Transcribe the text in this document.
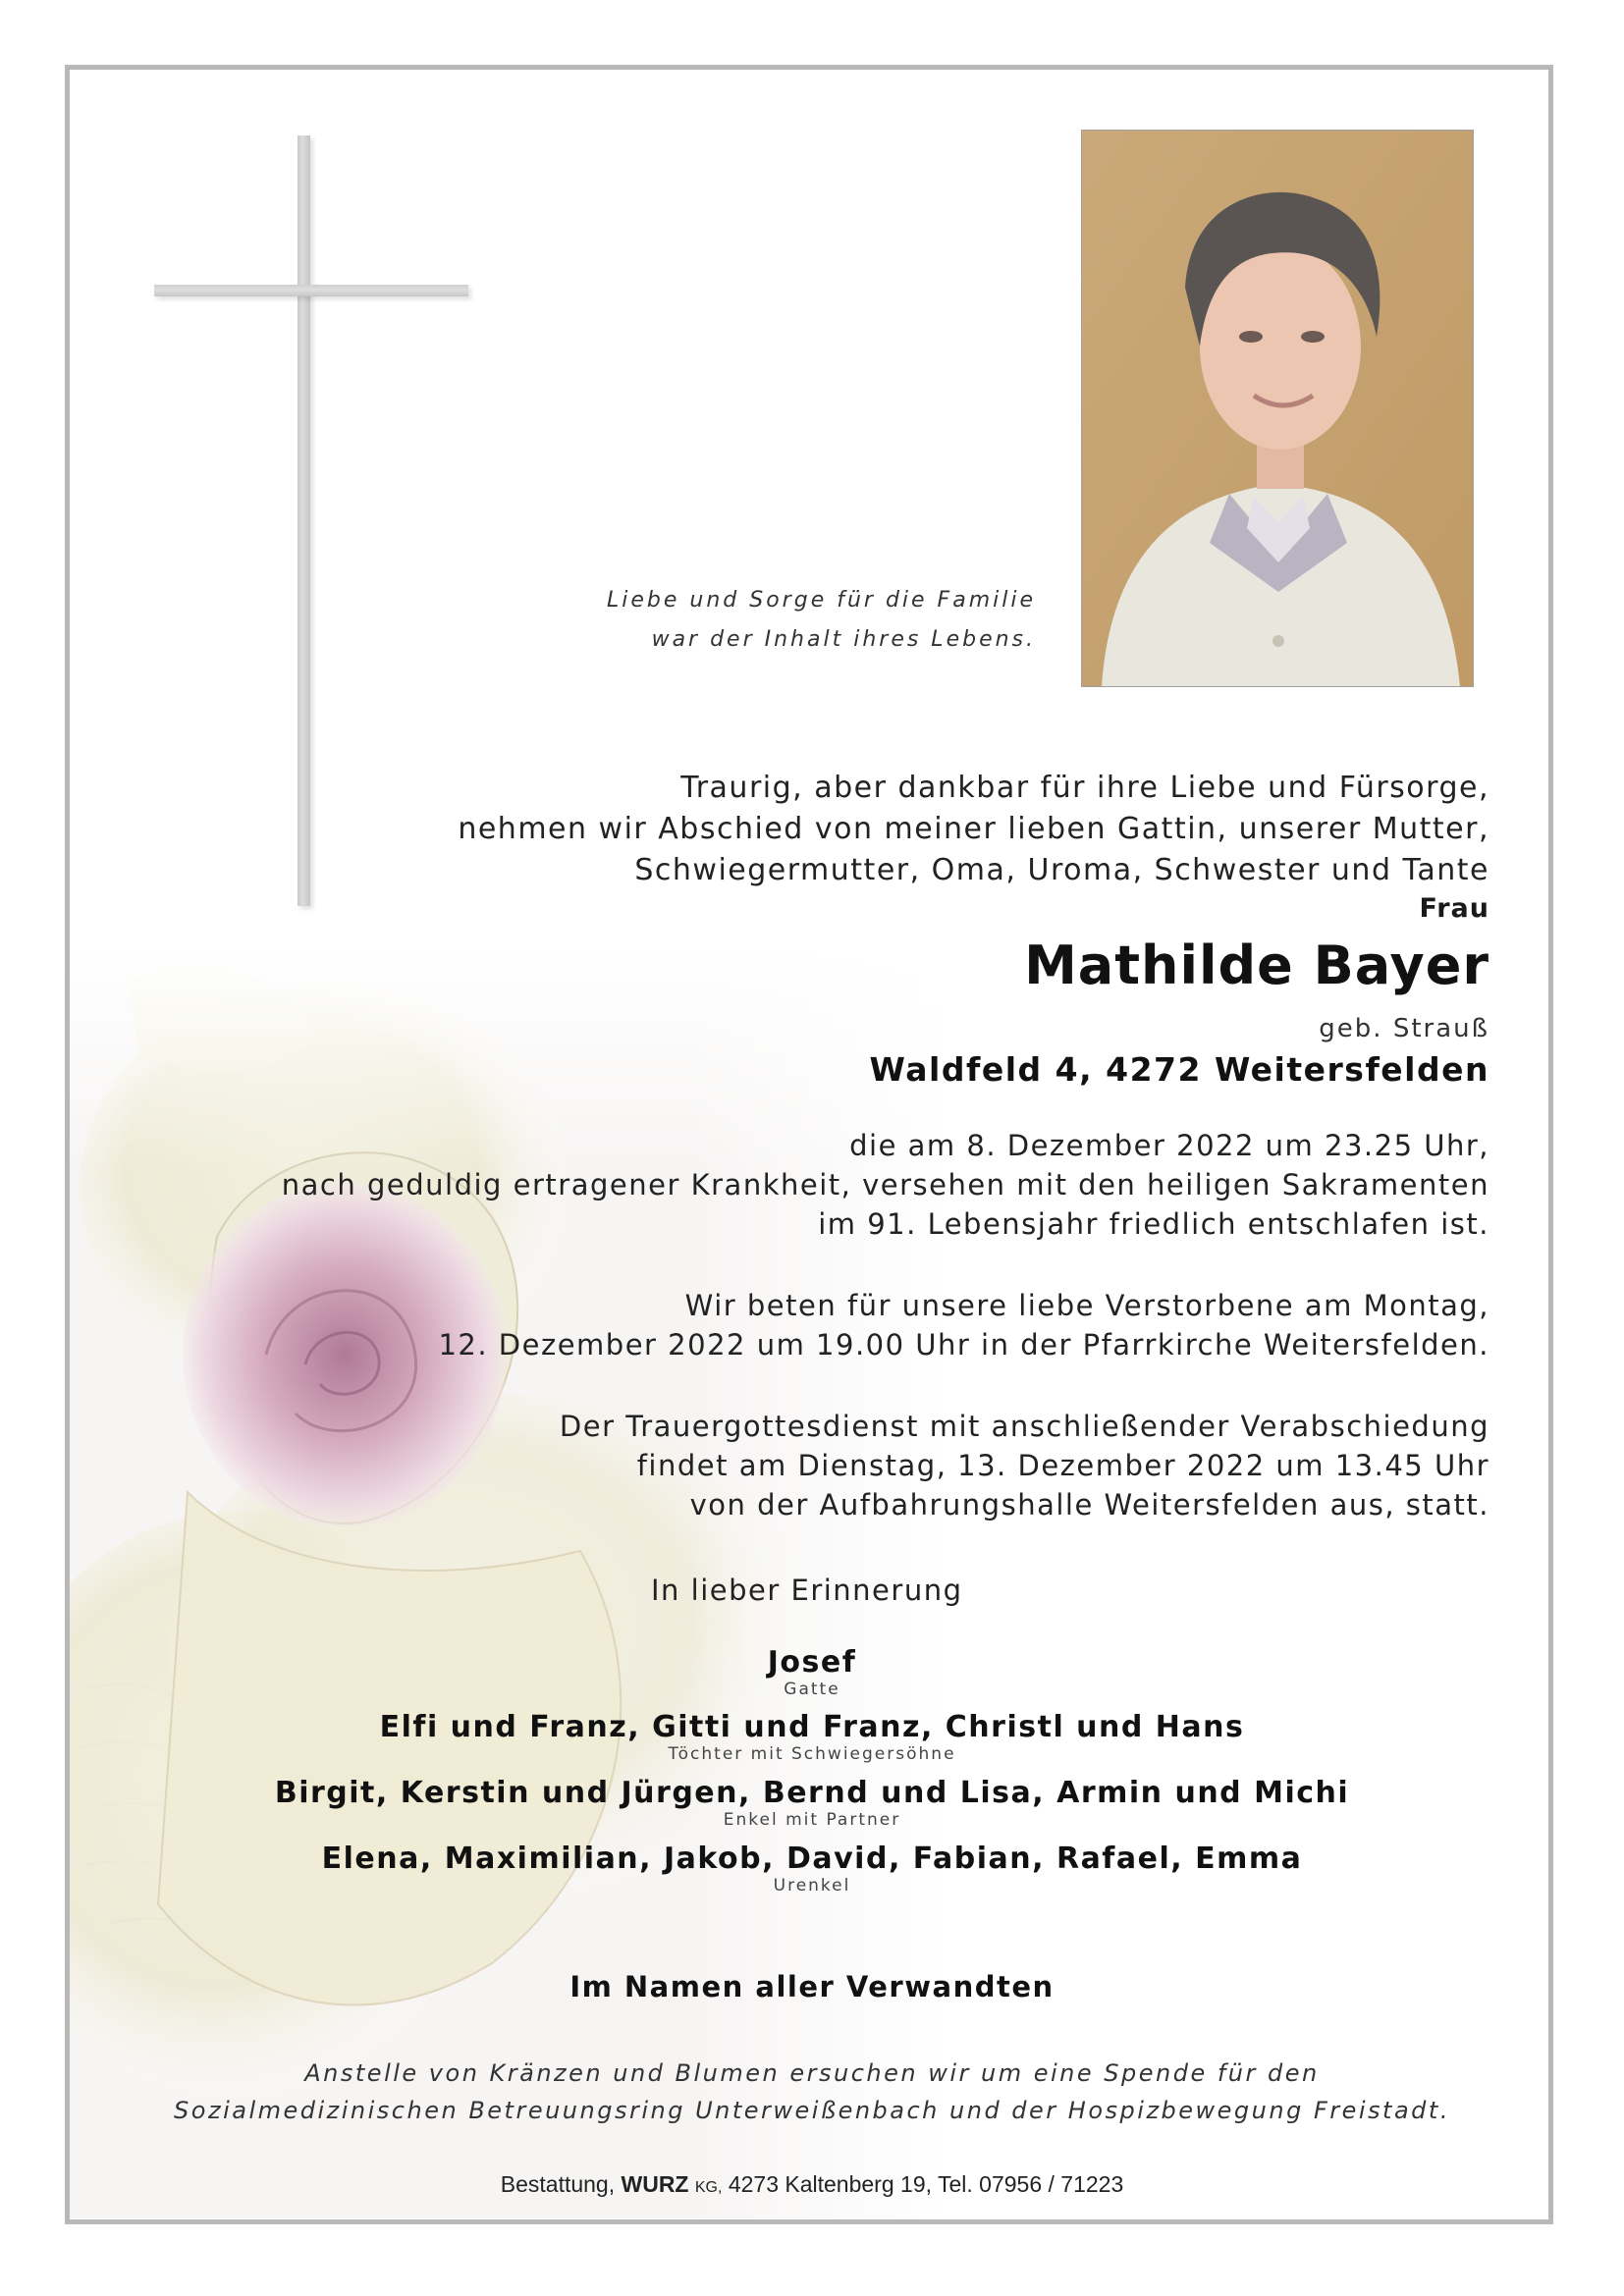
Liebe und Sorge für die Familie
war der Inhalt ihres Lebens.
Traurig, aber dankbar für ihre Liebe und Fürsorge,
nehmen wir Abschied von meiner lieben Gattin, unserer Mutter,
Schwiegermutter, Oma, Uroma, Schwester und Tante
Frau
Mathilde Bayer
geb. Strauß
Waldfeld 4, 4272 Weitersfelden
die am 8. Dezember 2022 um 23.25 Uhr,
nach geduldig ertragener Krankheit, versehen mit den heiligen Sakramenten
im 91. Lebensjahr friedlich entschlafen ist.
Wir beten für unsere liebe Verstorbene am Montag,
12. Dezember 2022 um 19.00 Uhr in der Pfarrkirche Weitersfelden.
Der Trauergottesdienst mit anschließender Verabschiedung
findet am Dienstag, 13. Dezember 2022 um 13.45 Uhr
von der Aufbahrungshalle Weitersfelden aus, statt.
In lieber Erinnerung
Josef
Gatte
Elfi und Franz, Gitti und Franz, Christl und Hans
Töchter mit Schwiegersöhne
Birgit, Kerstin und Jürgen, Bernd und Lisa, Armin und Michi
Enkel mit Partner
Elena, Maximilian, Jakob, David, Fabian, Rafael, Emma
Urenkel
Im Namen aller Verwandten
Anstelle von Kränzen und Blumen ersuchen wir um eine Spende für den
Sozialmedizinischen Betreuungsring Unterweißenbach und der Hospizbewegung Freistadt.
Bestattung, WURZ KG, 4273 Kaltenberg 19, Tel. 07956 / 71223
